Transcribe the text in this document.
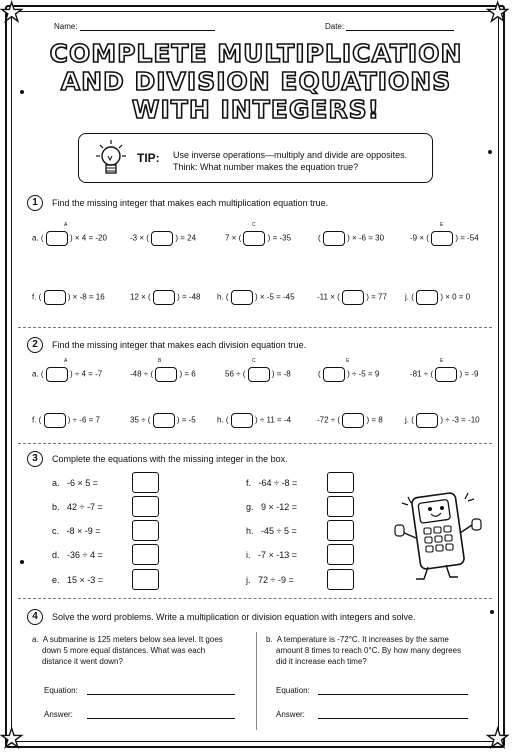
★	★
★	★
Name:	Date:
COMPLETE MULTIPLICATION
AND DIVISION EQUATIONS
WITH INTEGERS!
TIP: Use inverse operations—multiply and divide are opposites.
Think: What number makes the equation true?
1	Find the missing integer that makes each multiplication equation true.
A	C	E
a. (	) × 4 = -20	-3 × (	) = 24	7 × (	) = -35	(	) × -6 = 30	-9 × (	) = -54
f. (	) × -8 = 16	12 × (	) = -48 h. (	) × -5 = -45	-11 × (	) = 77 j. (	) × 0 = 0
2	Find the missing integer that makes each division equation true.
A	B	C	E	E
a. (	) ÷ 4 = -7	-48 ÷ (	) = 6	56 ÷ (	) = -8	(	) ÷ -5 = 9	-81 ÷ (	) = -9
f. (	) ÷ -6 = 7	35 ÷ (	) = -5	h. (	) ÷ 11 = -4	-72 ÷ (	) = 8	j. (	) ÷ -3 = -10
3	Complete the equations with the missing integer in the box.
a. -6 × 5 =
b. 42 ÷ -7 =
c. -8 × -9 =
d. -36 ÷ 4 =
e. 15 × -3 =
f. -64 ÷ -8 =
g. 9 × -12 =
h. -45 ÷ 5 =
i. -7 × -13 =
j. 72 ÷ -9 =
4	Solve the word problems. Write a multiplication or division equation with integers and solve.
a. A submarine is 125 meters below sea level. It goes
down 5 more equal distances. What was each
distance it went down?
b. A temperature is -72°C. It increases by the same
amount 8 times to reach 0°C. By how many degrees
did it increase each time?
Equation:
Answer:
Equation:
Answer:
